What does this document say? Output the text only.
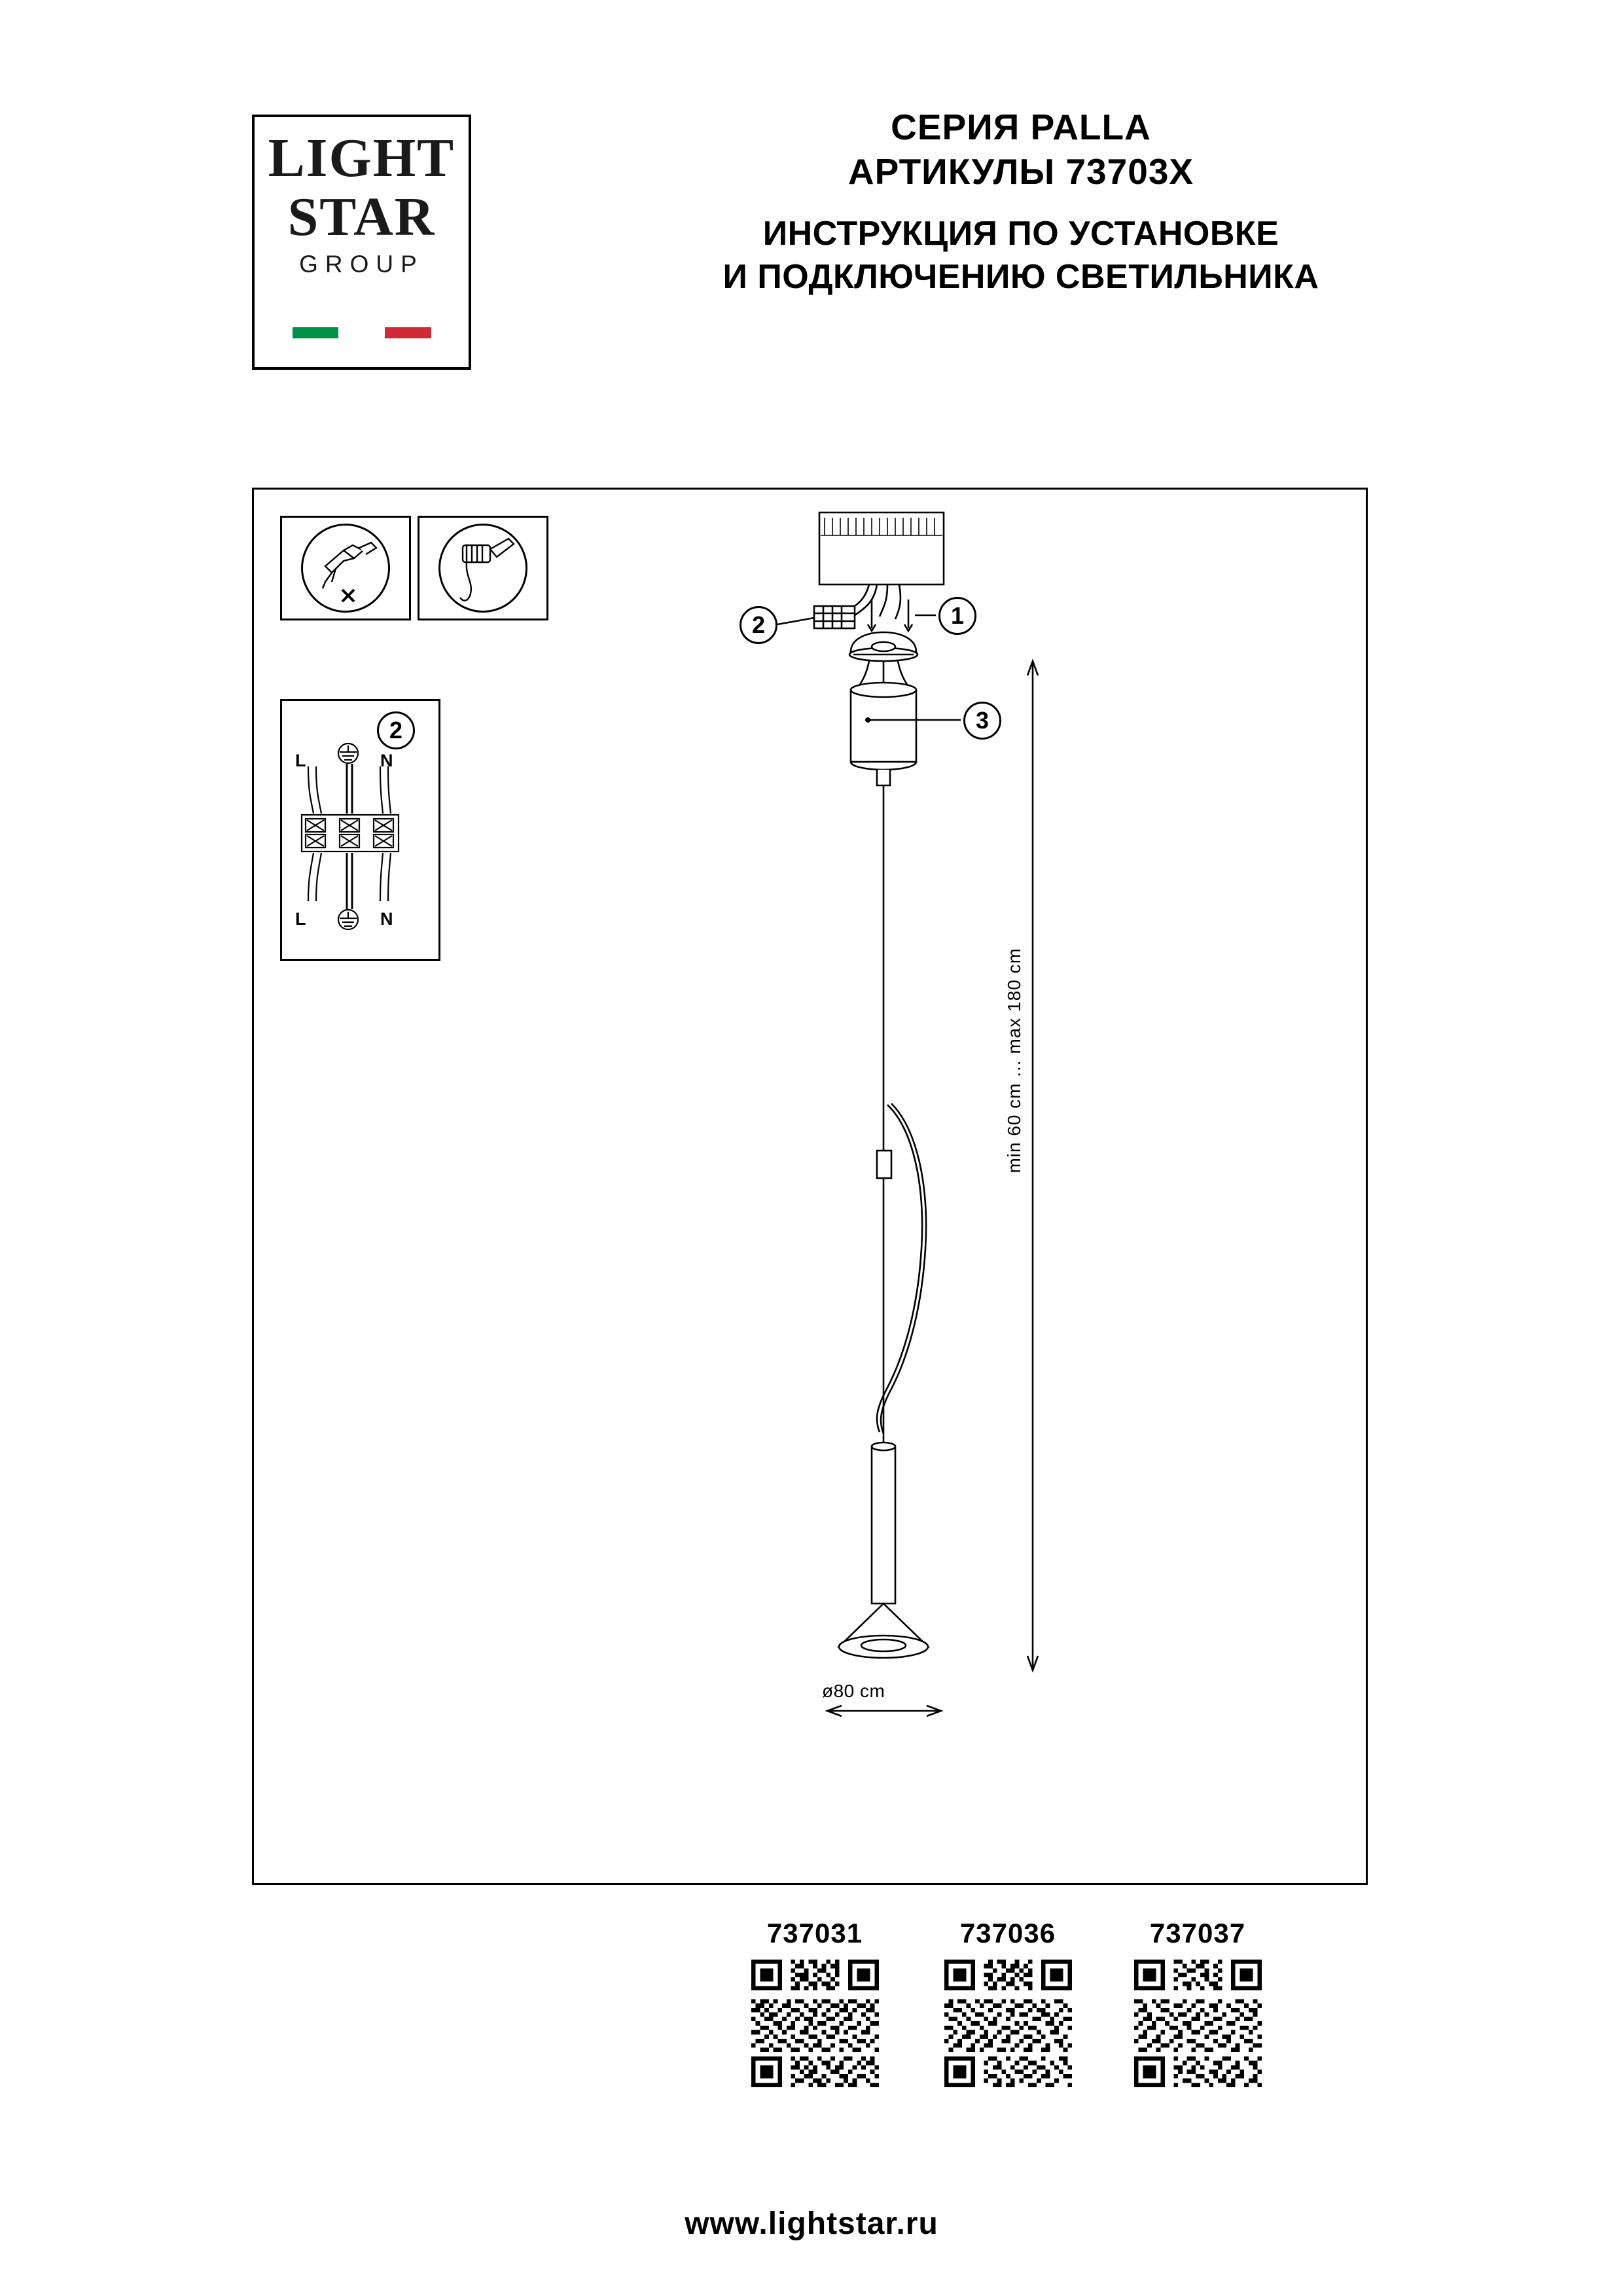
LIGHT
STAR
GROUP
СЕРИЯ PALLA
АРТИКУЛЫ 73703X
ИНСТРУКЦИЯ ПО УСТАНОВКЕ
И ПОДКЛЮЧЕНИЮ СВЕТИЛЬНИКА
2
L	N
L	N
1
2
3
min 60 cm ... max 180 cm
ø80 cm
737031	737036	737037
www.lightstar.ru
